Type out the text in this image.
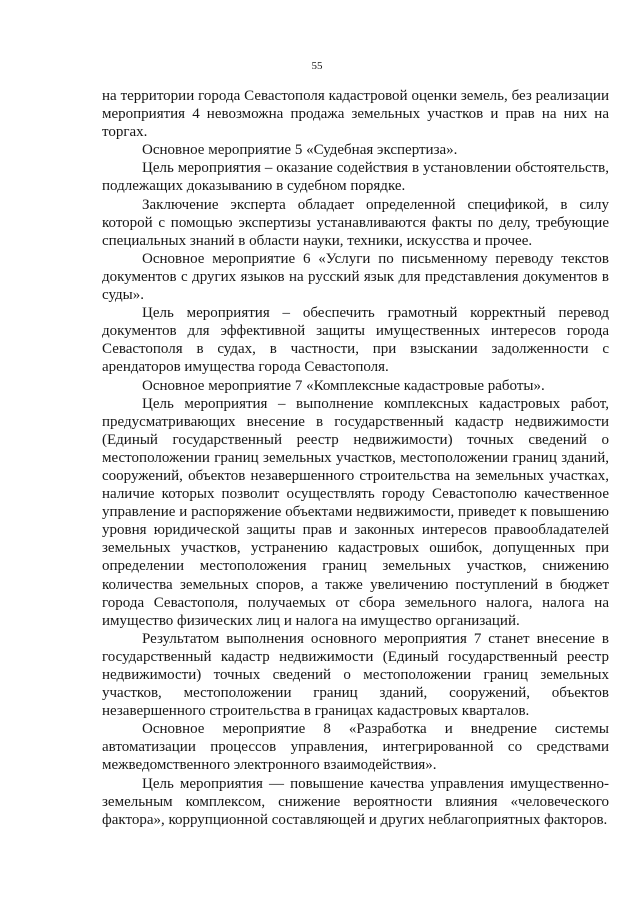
55

на территории города Севастополя кадастровой оценки земель, без реализации мероприятия 4 невозможна продажа земельных участков и прав на них на торгах.

Основное мероприятие 5 «Судебная экспертиза».

Цель мероприятия – оказание содействия в установлении обстоятельств, подлежащих доказыванию в судебном порядке.

Заключение эксперта обладает определенной спецификой, в силу которой с помощью экспертизы устанавливаются факты по делу, требующие специальных знаний в области науки, техники, искусства и прочее.

Основное мероприятие 6 «Услуги по письменному переводу текстов документов с других языков на русский язык для представления документов в суды».

Цель мероприятия – обеспечить грамотный корректный перевод документов для эффективной защиты имущественных интересов города Севастополя в судах, в частности, при взыскании задолженности с арендаторов имущества города Севастополя.

Основное мероприятие 7 «Комплексные кадастровые работы».

Цель мероприятия – выполнение комплексных кадастровых работ, предусматривающих внесение в государственный кадастр недвижимости (Единый государственный реестр недвижимости) точных сведений о местоположении границ земельных участков, местоположении границ зданий, сооружений, объектов незавершенного строительства на земельных участках, наличие которых позволит осуществлять городу Севастополю качественное управление и распоряжение объектами недвижимости, приведет к повышению уровня юридической защиты прав и законных интересов правообладателей земельных участков, устранению кадастровых ошибок, допущенных при определении местоположения границ земельных участков, снижению количества земельных споров, а также увеличению поступлений в бюджет города Севастополя, получаемых от сбора земельного налога, налога на имущество физических лиц и налога на имущество организаций.

Результатом выполнения основного мероприятия 7 станет внесение в государственный кадастр недвижимости (Единый государственный реестр недвижимости) точных сведений о местоположении границ земельных участков, местоположении границ зданий, сооружений, объектов незавершенного строительства в границах кадастровых кварталов.

Основное мероприятие 8 «Разработка и внедрение системы автоматизации процессов управления, интегрированной со средствами межведомственного электронного взаимодействия».

Цель мероприятия — повышение качества управления имущественно-земельным комплексом, снижение вероятности влияния «человеческого фактора», коррупционной составляющей и других неблагоприятных факторов.
